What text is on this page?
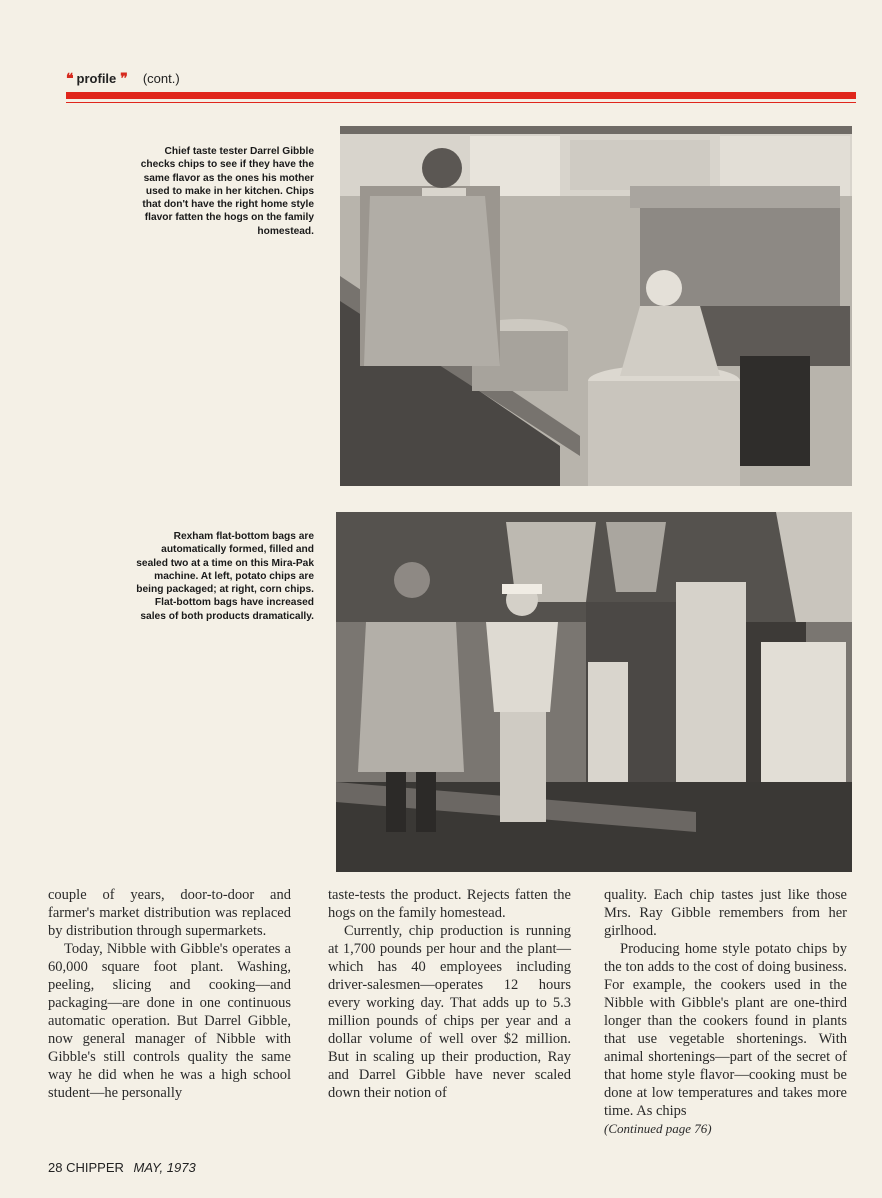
❝ profile ❞ (cont.)
Chief taste tester Darrel Gibble checks chips to see if they have the same flavor as the ones his mother used to make in her kitchen. Chips that don't have the right home style flavor fatten the hogs on the family homestead.
Rexham flat-bottom bags are automatically formed, filled and sealed two at a time on this Mira-Pak machine. At left, potato chips are being packaged; at right, corn chips. Flat-bottom bags have increased sales of both products dramatically.

couple of years, door-to-door and farmer's market distribution was replaced by distribution through supermarkets.

Today, Nibble with Gibble's operates a 60,000 square foot plant. Washing, peeling, slicing and cooking—and packaging—are done in one continuous automatic operation. But Darrel Gibble, now general manager of Nibble with Gibble's still controls quality the same way he did when he was a high school student—he personally

taste-tests the product. Rejects fatten the hogs on the family homestead.

Currently, chip production is running at 1,700 pounds per hour and the plant—which has 40 employees including driver-salesmen—operates 12 hours every working day. That adds up to 5.3 million pounds of chips per year and a dollar volume of well over $2 million. But in scaling up their production, Ray and Darrel Gibble have never scaled down their notion of

quality. Each chip tastes just like those Mrs. Ray Gibble remembers from her girlhood.

Producing home style potato chips by the ton adds to the cost of doing business. For example, the cookers used in the Nibble with Gibble's plant are one-third longer than the cookers found in plants that use vegetable shortenings. With animal shortenings—part of the secret of that home style flavor—cooking must be done at low temperatures and takes more time. As chips

(Continued page 76)

28 CHIPPER MAY, 1973
